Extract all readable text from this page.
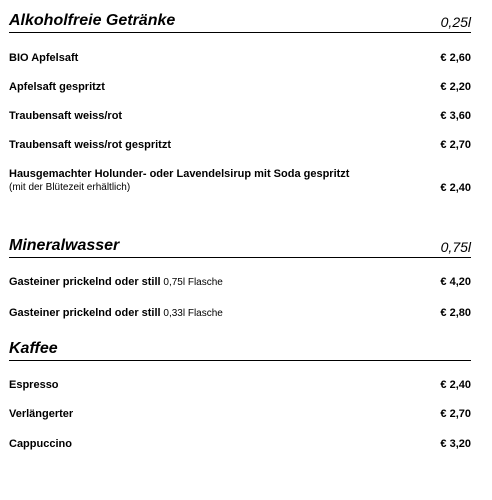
Alkoholfreie Getränke	0,25l
BIO Apfelsaft	€ 2,60
Apfelsaft gespritzt	€ 2,20
Traubensaft weiss/rot	€ 3,60
Traubensaft weiss/rot gespritzt	€ 2,70
Hausgemachter Holunder- oder Lavendelsirup mit Soda gespritzt
(mit der Blütezeit erhältlich)	€ 2,40
Mineralwasser	0,75l
Gasteiner prickelnd oder still 0,75l Flasche	€ 4,20
Gasteiner prickelnd oder still 0,33l Flasche	€ 2,80
Kaffee
Espresso	€ 2,40
Verlängerter	€ 2,70
Cappuccino	€ 3,20
